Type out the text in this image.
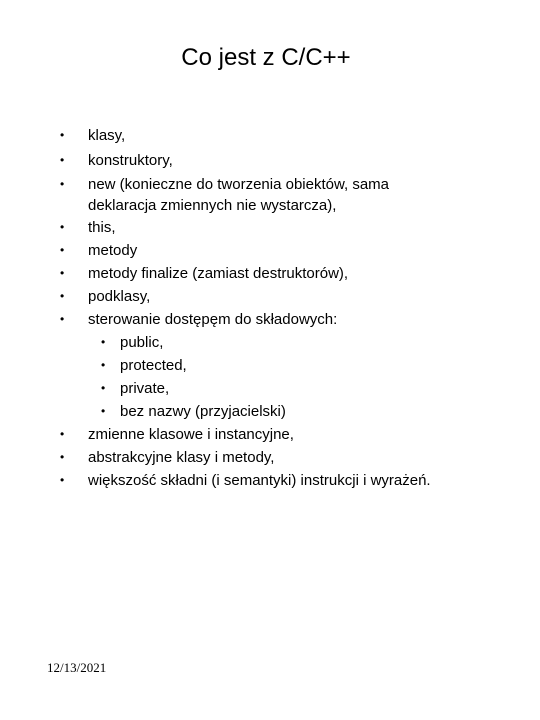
Co jest z C/C++
• klasy,
• konstruktory,
• new (konieczne do tworzenia obiektów, sama
deklaracja zmiennych nie wystarcza),
• this,
• metody
• metody finalize (zamiast destruktorów),
• podklasy,
• sterowanie dostępęm do składowych:
• public,
• protected,
• private,
• bez nazwy (przyjacielski)
• zmienne klasowe i instancyjne,
• abstrakcyjne klasy i metody,
• większość składni (i semantyki) instrukcji i wyrażeń.
12/13/2021
